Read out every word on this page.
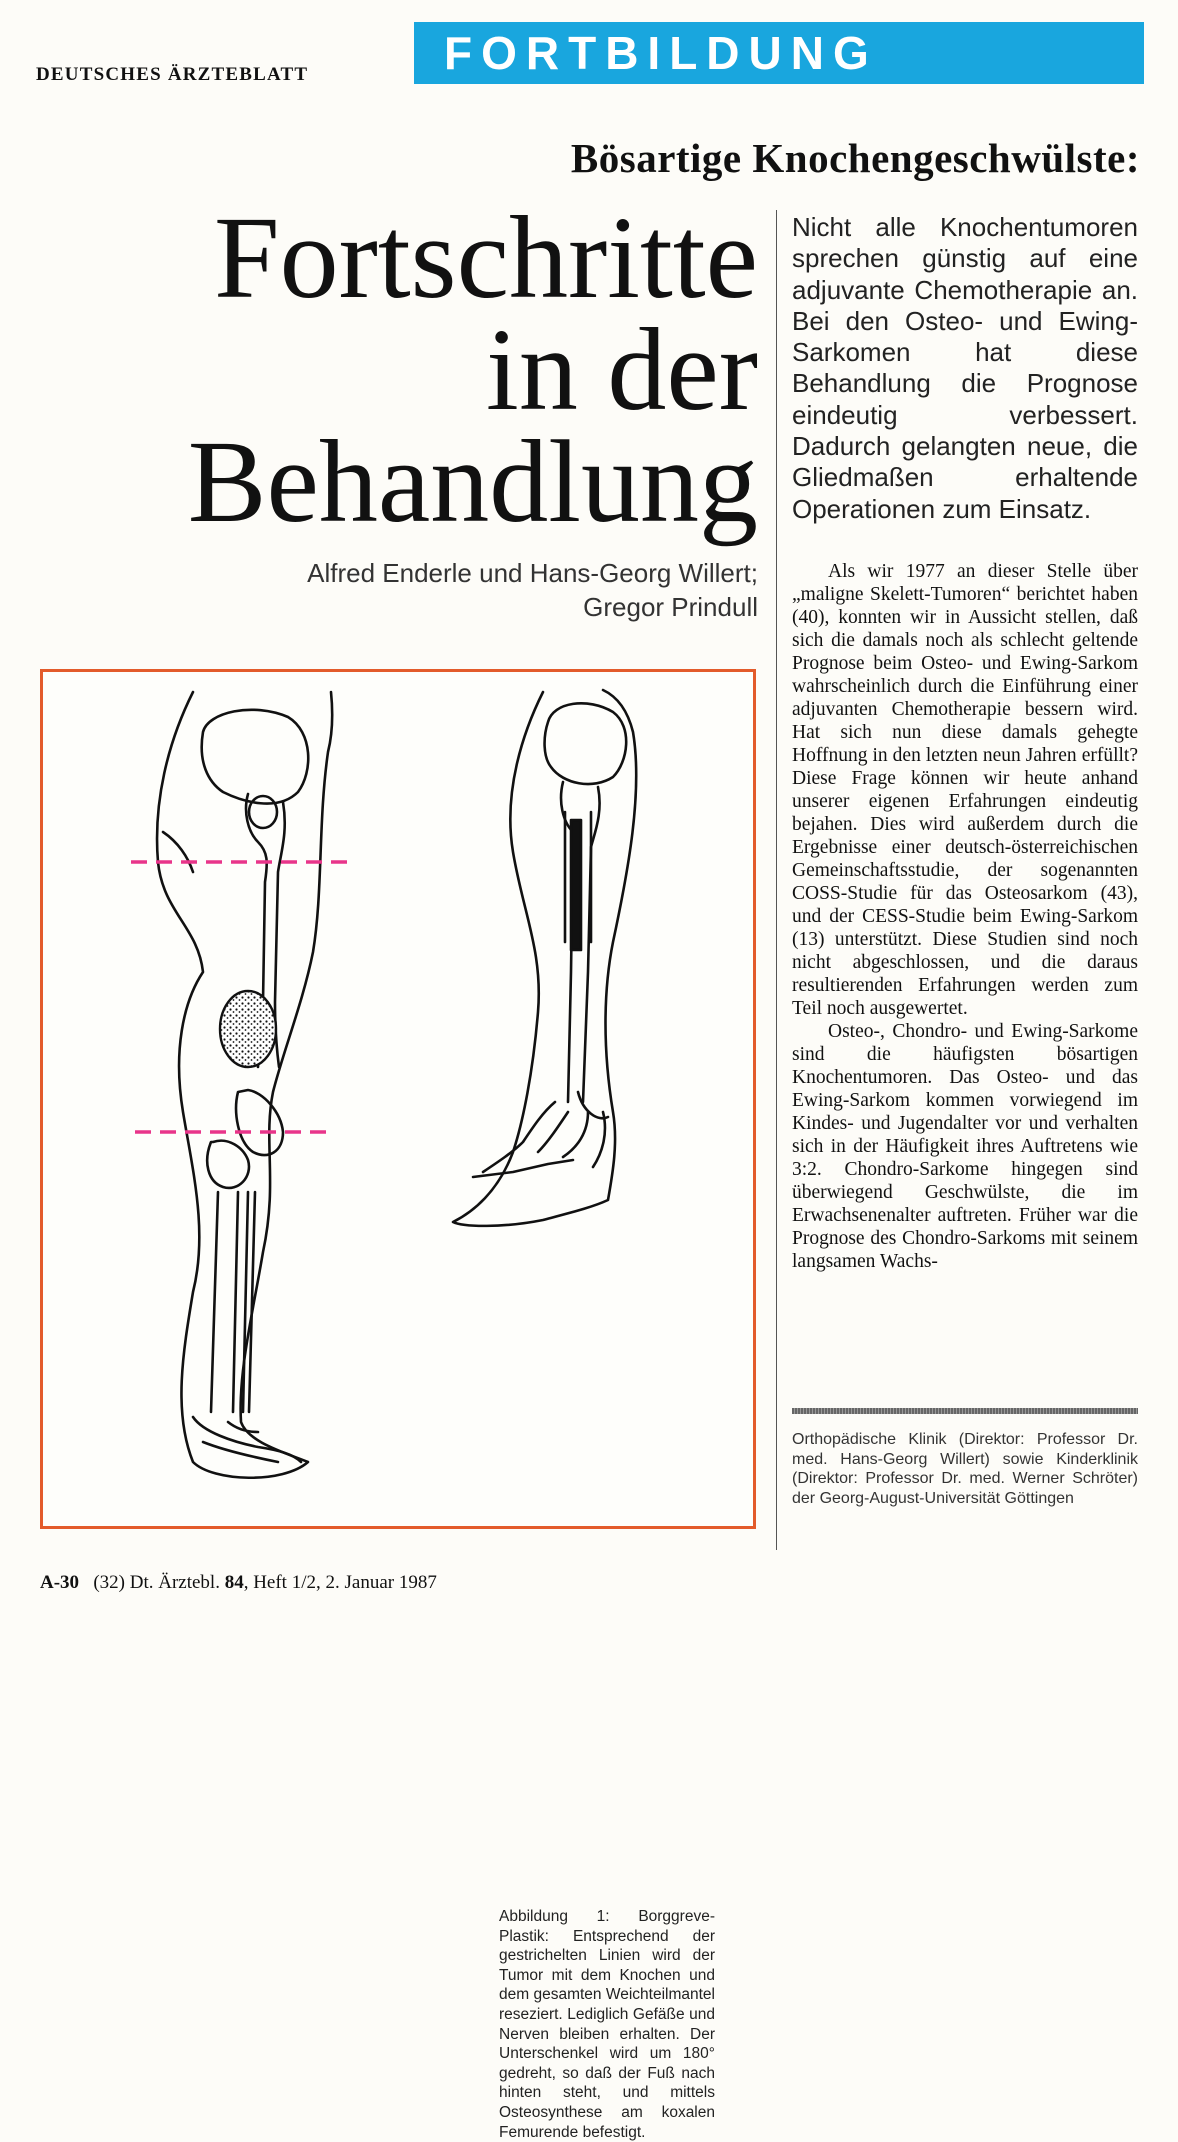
DEUTSCHES ÄRZTEBLATT	FORTBILDUNG
Bösartige Knochengeschwülste:
Fortschritte
in der
Behandlung
Alfred Enderle und Hans-Georg Willert;
Gregor Prindull
Nicht alle Knochentumoren sprechen günstig auf eine adjuvante Chemotherapie an. Bei den Osteo- und Ewing-Sarkomen hat diese Behandlung die Prognose eindeutig verbessert. Dadurch gelangten neue, die Gliedmaßen erhaltende Operationen zum Einsatz.

Als wir 1977 an dieser Stelle über „maligne Skelett-Tumoren“ berichtet haben (40), konnten wir in Aussicht stellen, daß sich die damals noch als schlecht geltende Prognose beim Osteo- und Ewing-Sarkom wahrscheinlich durch die Einführung einer adjuvanten Chemotherapie bessern wird. Hat sich nun diese damals gehegte Hoffnung in den letzten neun Jahren erfüllt? Diese Frage können wir heute anhand unserer eigenen Erfahrungen eindeutig bejahen. Dies wird außerdem durch die Ergebnisse einer deutsch-österreichischen Gemeinschaftsstudie, der sogenannten COSS-Studie für das Osteosarkom (43), und der CESS-Studie beim Ewing-Sarkom (13) unterstützt. Diese Studien sind noch nicht abgeschlossen, und die daraus resultierenden Erfahrungen werden zum Teil noch ausgewertet.

Osteo-, Chondro- und Ewing-Sarkome sind die häufigsten bösartigen Knochentumoren. Das Osteo- und das Ewing-Sarkom kommen vorwiegend im Kindes- und Jugendalter vor und verhalten sich in der Häufigkeit ihres Auftretens wie 3:2. Chondro-Sarkome hingegen sind überwiegend Geschwülste, die im Erwachsenenalter auftreten. Früher war die Prognose des Chondro-Sarkoms mit seinem langsamen Wachs-

Abbildung 1: Borggreve-Plastik: Entsprechend der gestrichelten Linien wird der Tumor mit dem Knochen und dem gesamten Weichteilmantel reseziert. Lediglich Gefäße und Nerven bleiben erhalten. Der Unterschenkel wird um 180° gedreht, so daß der Fuß nach hinten steht, und mittels Osteosynthese am koxalen Femurende befestigt.
Orthopädische Klinik (Direktor: Professor Dr. med. Hans-Georg Willert) sowie Kinderklinik (Direktor: Professor Dr. med. Werner Schröter) der Georg-August-Universität Göttingen
A-30 (32) Dt. Ärztebl. 84, Heft 1/2, 2. Januar 1987
